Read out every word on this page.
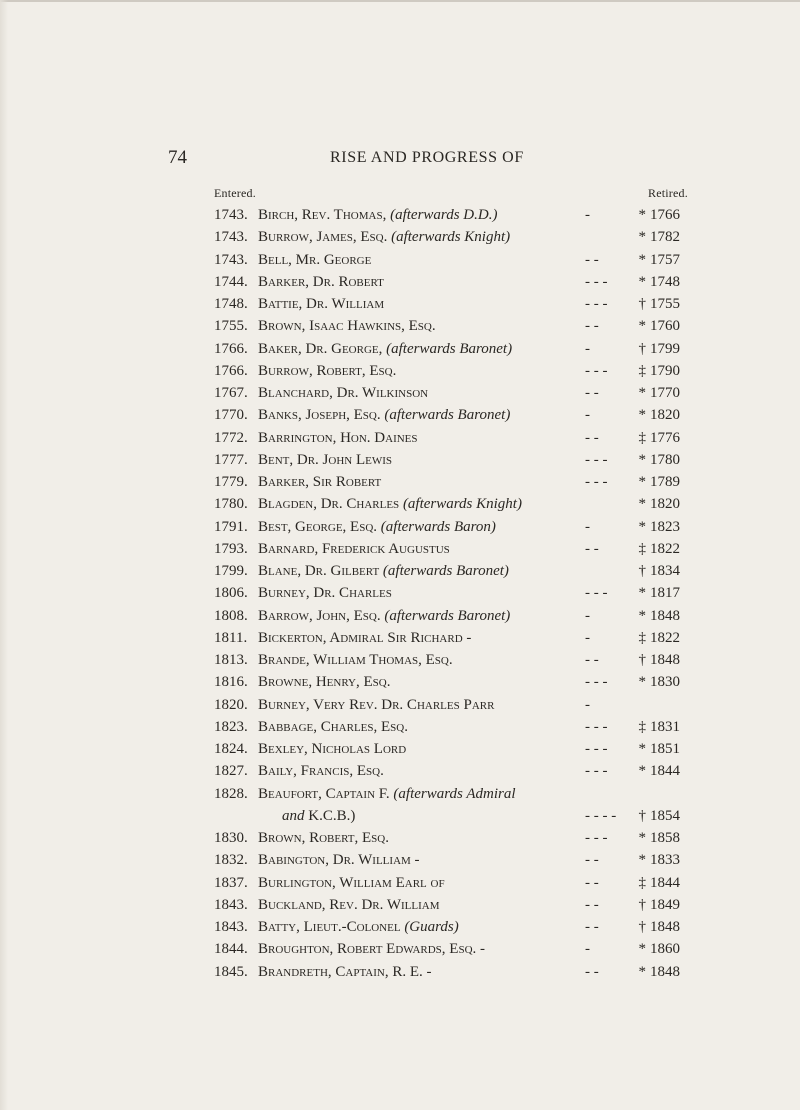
74	RISE AND PROGRESS OF
Entered.	Retired.
1743. Birch, Rev. Thomas, (afterwards D.D.)	-	* 1766
1743. Burrow, James, Esq. (afterwards Knight)	* 1782
1743. Bell, Mr. George	- -	* 1757
1744. Barker, Dr. Robert	- - -	* 1748
1748. Battie, Dr. William	- - -	† 1755
1755. Brown, Isaac Hawkins, Esq.	- -	* 1760
1766. Baker, Dr. George, (afterwards Baronet)	-	† 1799
1766. Burrow, Robert, Esq.	- - -	‡ 1790
1767. Blanchard, Dr. Wilkinson	- -	* 1770
1770. Banks, Joseph, Esq. (afterwards Baronet)	-	* 1820
1772. Barrington, Hon. Daines	- -	‡ 1776
1777. Bent, Dr. John Lewis	- - -	* 1780
1779. Barker, Sir Robert	- - -	* 1789
1780. Blagden, Dr. Charles (afterwards Knight)	* 1820
1791. Best, George, Esq. (afterwards Baron)	-	* 1823
1793. Barnard, Frederick Augustus	- -	‡ 1822
1799. Blane, Dr. Gilbert (afterwards Baronet)	† 1834
1806. Burney, Dr. Charles	- - -	* 1817
1808. Barrow, John, Esq. (afterwards Baronet)	-	* 1848
1811. Bickerton, Admiral Sir Richard -	-	‡ 1822
1813. Brande, William Thomas, Esq.	- -	† 1848
1816. Browne, Henry, Esq.	- - -	* 1830
1820. Burney, Very Rev. Dr. Charles Parr	-
1823. Babbage, Charles, Esq.	- - -	‡ 1831
1824. Bexley, Nicholas Lord	- - -	* 1851
1827. Baily, Francis, Esq.	- - -	* 1844
1828. Beaufort, Captain F. (afterwards Admiral
and K.C.B.)	- - - -	† 1854
1830. Brown, Robert, Esq.	- - -	* 1858
1832. Babington, Dr. William -	- -	* 1833
1837. Burlington, William Earl of	- -	‡ 1844
1843. Buckland, Rev. Dr. William	- -	† 1849
1843. Batty, Lieut.-Colonel (Guards)	- -	† 1848
1844. Broughton, Robert Edwards, Esq. -	-	* 1860
1845. Brandreth, Captain, R. E. -	- -	* 1848
